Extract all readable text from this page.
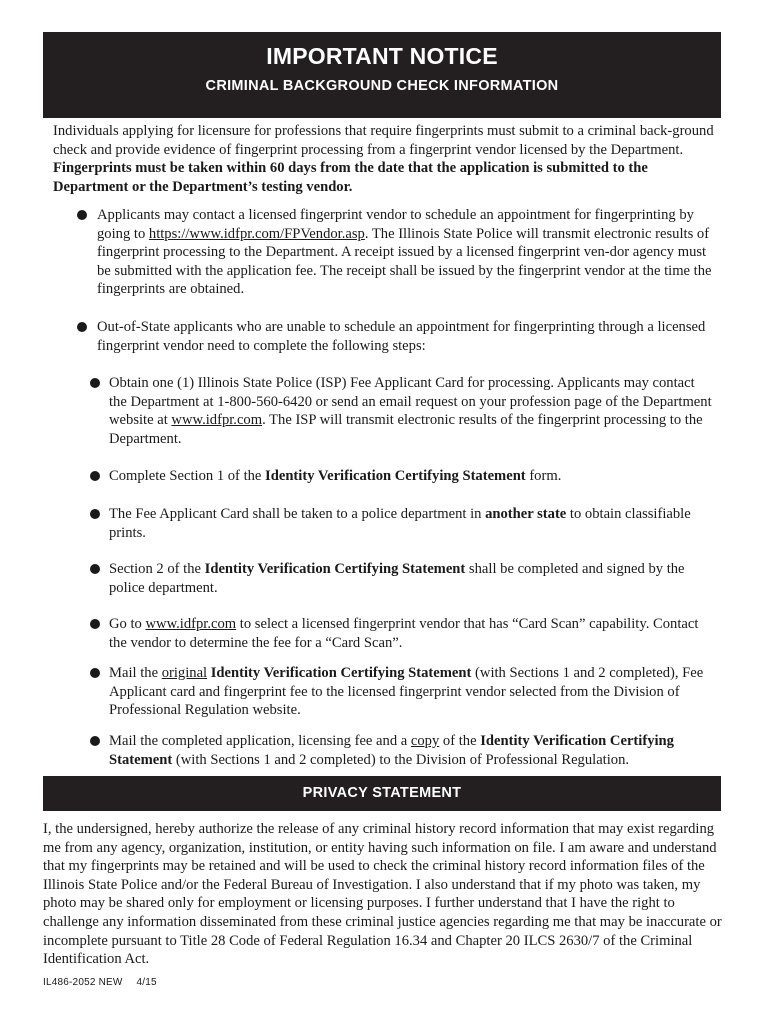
IMPORTANT NOTICE
CRIMINAL BACKGROUND CHECK INFORMATION
Individuals applying for licensure for professions that require fingerprints must submit to a criminal back-ground check and provide evidence of fingerprint processing from a fingerprint vendor licensed by the Department. Fingerprints must be taken within 60 days from the date that the application is submitted to the Department or the Department’s testing vendor.
Applicants may contact a licensed fingerprint vendor to schedule an appointment for fingerprinting by going to https://www.idfpr.com/FPVendor.asp. The Illinois State Police will transmit electronic results of fingerprint processing to the Department. A receipt issued by a licensed fingerprint ven-dor agency must be submitted with the application fee. The receipt shall be issued by the fingerprint vendor at the time the fingerprints are obtained.
Out-of-State applicants who are unable to schedule an appointment for fingerprinting through a licensed fingerprint vendor need to complete the following steps:
Obtain one (1) Illinois State Police (ISP) Fee Applicant Card for processing. Applicants may contact the Department at 1-800-560-6420 or send an email request on your profession page of the Department website at www.idfpr.com. The ISP will transmit electronic results of the fingerprint processing to the Department.
Complete Section 1 of the Identity Verification Certifying Statement form.
The Fee Applicant Card shall be taken to a police department in another state to obtain classifiable prints.
Section 2 of the Identity Verification Certifying Statement shall be completed and signed by the police department.
Go to www.idfpr.com to select a licensed fingerprint vendor that has “Card Scan” capability. Contact the vendor to determine the fee for a “Card Scan”.
Mail the original Identity Verification Certifying Statement (with Sections 1 and 2 completed), Fee Applicant card and fingerprint fee to the licensed fingerprint vendor selected from the Division of Professional Regulation website.
Mail the completed application, licensing fee and a copy of the Identity Verification Certifying Statement (with Sections 1 and 2 completed) to the Division of Professional Regulation.
PRIVACY STATEMENT
I, the undersigned, hereby authorize the release of any criminal history record information that may exist regarding me from any agency, organization, institution, or entity having such information on file. I am aware and understand that my fingerprints may be retained and will be used to check the criminal history record information files of the Illinois State Police and/or the Federal Bureau of Investigation. I also understand that if my photo was taken, my photo may be shared only for employment or licensing purposes. I further understand that I have the right to challenge any information disseminated from these criminal justice agencies regarding me that may be inaccurate or incomplete pursuant to Title 28 Code of Federal Regulation 16.34 and Chapter 20 ILCS 2630/7 of the Criminal Identification Act.
IL486-2052 NEW 4/15
